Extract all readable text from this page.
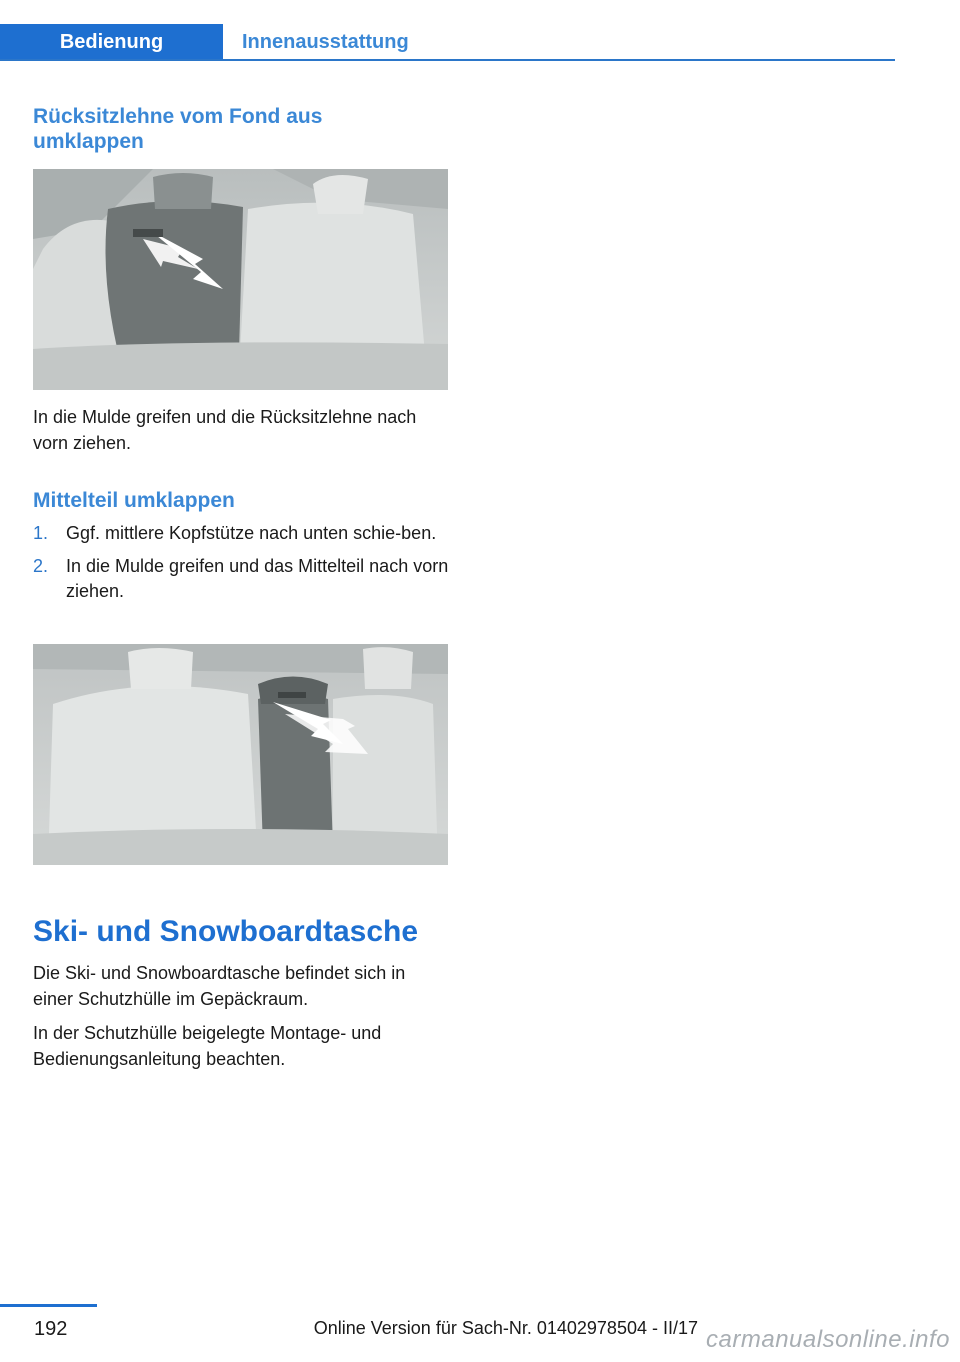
Bedienung	Innenausstattung
Rücksitzlehne vom Fond aus
umklappen

In die Mulde greifen und die Rücksitzlehne nach vorn ziehen.

Mittelteil umklappen
1. Ggf. mittlere Kopfstütze nach unten schie-ben.
2. In die Mulde greifen und das Mittelteil nach vorn ziehen.
Ski- und Snowboardtasche

Die Ski- und Snowboardtasche befindet sich in einer Schutzhülle im Gepäckraum.

In der Schutzhülle beigelegte Montage- und Bedienungsanleitung beachten.

192	Online Version für Sach-Nr. 01402978504 - II/17 carmanualsonline.info
